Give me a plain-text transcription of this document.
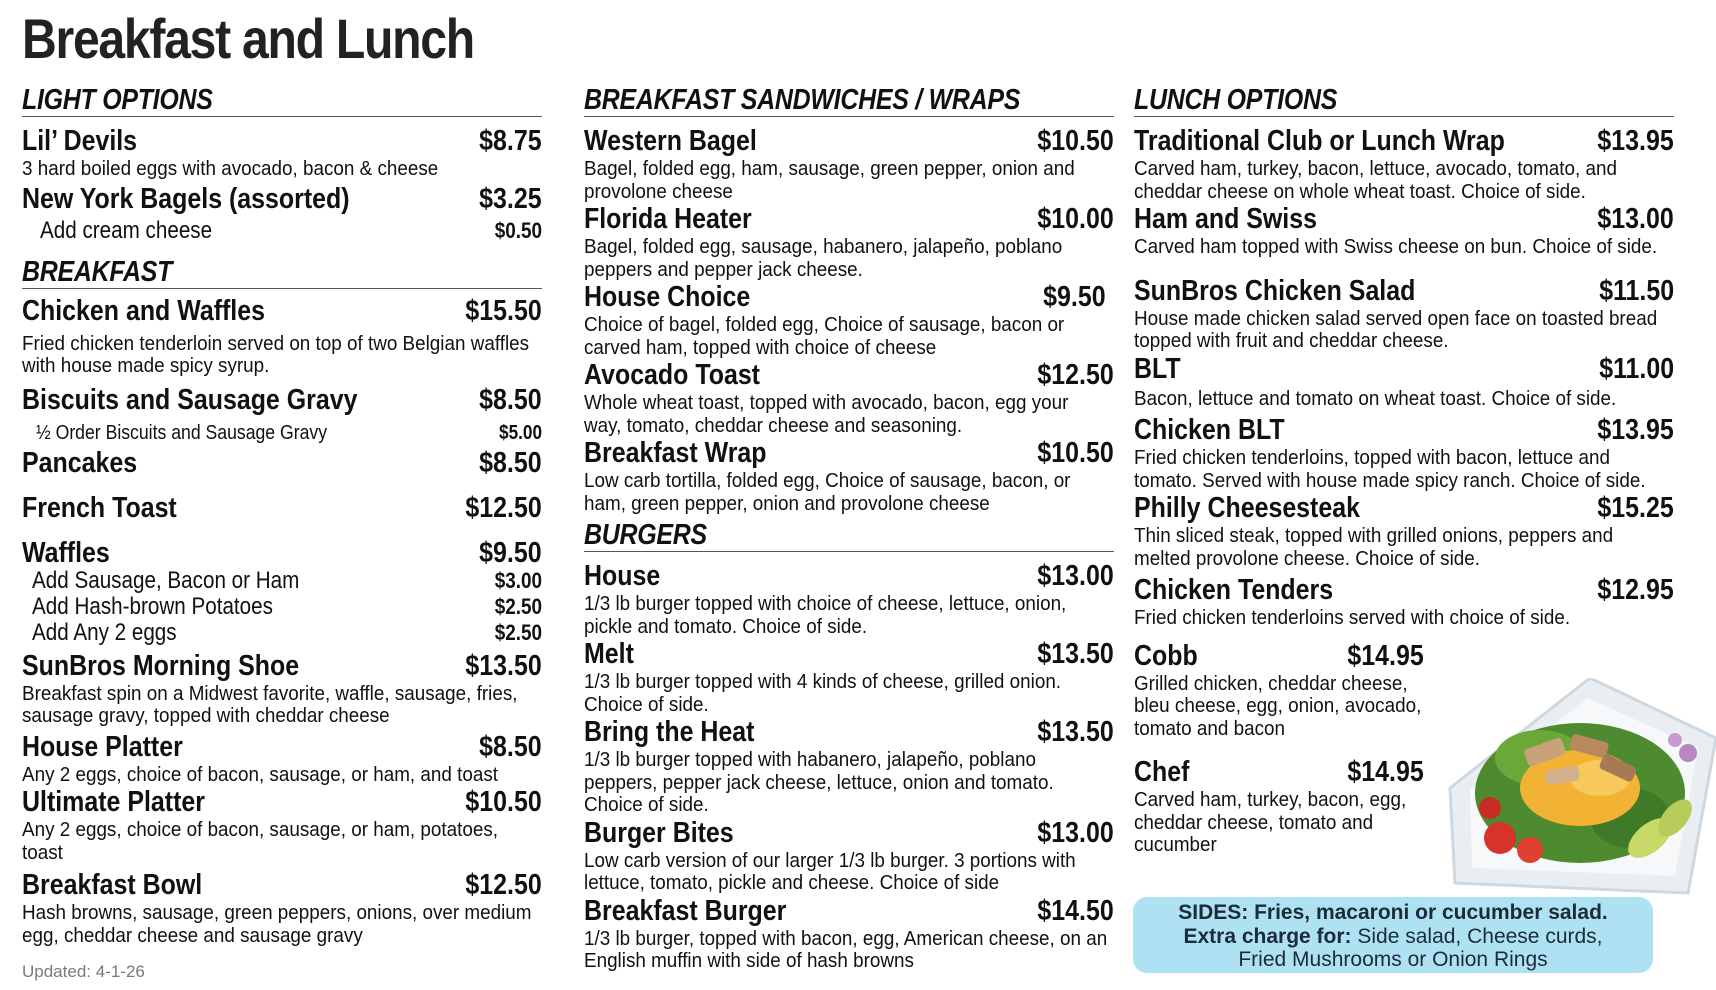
Breakfast and Lunch
LIGHT OPTIONS
Lil’ Devils	$8.75
3 hard boiled eggs with avocado, bacon & cheese
New York Bagels (assorted)	$3.25
Add cream cheese	$0.50
BREAKFAST
Chicken and Waffles	$15.50
Fried chicken tenderloin served on top of two Belgian waffles with house made spicy syrup.
Biscuits and Sausage Gravy	$8.50
½ Order Biscuits and Sausage Gravy	$5.00
Pancakes	$8.50
French Toast	$12.50
Waffles	$9.50
Add Sausage, Bacon or Ham	$3.00
Add Hash-brown Potatoes	$2.50
Add Any 2 eggs	$2.50
SunBros Morning Shoe	$13.50
Breakfast spin on a Midwest favorite, waffle, sausage, fries, sausage gravy, topped with cheddar cheese
House Platter	$8.50
Any 2 eggs, choice of bacon, sausage, or ham, and toast
Ultimate Platter	$10.50
Any 2 eggs, choice of bacon, sausage, or ham, potatoes, toast
Breakfast Bowl	$12.50
Hash browns, sausage, green peppers, onions, over medium egg, cheddar cheese and sausage gravy
Updated: 4-1-26
BREAKFAST SANDWICHES / WRAPS
Western Bagel	$10.50
Bagel, folded egg, ham, sausage, green pepper, onion and provolone cheese
Florida Heater	$10.00
Bagel, folded egg, sausage, habanero, jalapeño, poblano peppers and pepper jack cheese.
House Choice	$9.50
Choice of bagel, folded egg, Choice of sausage, bacon or carved ham, topped with choice of cheese
Avocado Toast	$12.50
Whole wheat toast, topped with avocado, bacon, egg your way, tomato, cheddar cheese and seasoning.
Breakfast Wrap	$10.50
Low carb tortilla, folded egg, Choice of sausage, bacon, or ham, green pepper, onion and provolone cheese
BURGERS
House	$13.00
1/3 lb burger topped with choice of cheese, lettuce, onion, pickle and tomato. Choice of side.
Melt	$13.50
1/3 lb burger topped with 4 kinds of cheese, grilled onion. Choice of side.
Bring the Heat	$13.50
1/3 lb burger topped with habanero, jalapeño, poblano peppers, pepper jack cheese, lettuce, onion and tomato. Choice of side.
Burger Bites	$13.00
Low carb version of our larger 1/3 lb burger. 3 portions with lettuce, tomato, pickle and cheese. Choice of side
Breakfast Burger	$14.50
1/3 lb burger, topped with bacon, egg, American cheese, on an English muffin with side of hash browns
LUNCH OPTIONS
Traditional Club or Lunch Wrap	$13.95
Carved ham, turkey, bacon, lettuce, avocado, tomato, and cheddar cheese on whole wheat toast. Choice of side.
Ham and Swiss	$13.00
Carved ham topped with Swiss cheese on bun. Choice of side.
SunBros Chicken Salad	$11.50
House made chicken salad served open face on toasted bread topped with fruit and cheddar cheese.
BLT	$11.00
Bacon, lettuce and tomato on wheat toast. Choice of side.
Chicken BLT	$13.95
Fried chicken tenderloins, topped with bacon, lettuce and tomato. Served with house made spicy ranch. Choice of side.
Philly Cheesesteak	$15.25
Thin sliced steak, topped with grilled onions, peppers and melted provolone cheese. Choice of side.
Chicken Tenders	$12.95
Fried chicken tenderloins served with choice of side.
Cobb	$14.95
Grilled chicken, cheddar cheese, bleu cheese, egg, onion, avocado, tomato and bacon
Chef	$14.95
Carved ham, turkey, bacon, egg, cheddar cheese, tomato and cucumber
SIDES: Fries, macaroni or cucumber salad.
Extra charge for: Side salad, Cheese curds,
Fried Mushrooms or Onion Rings
